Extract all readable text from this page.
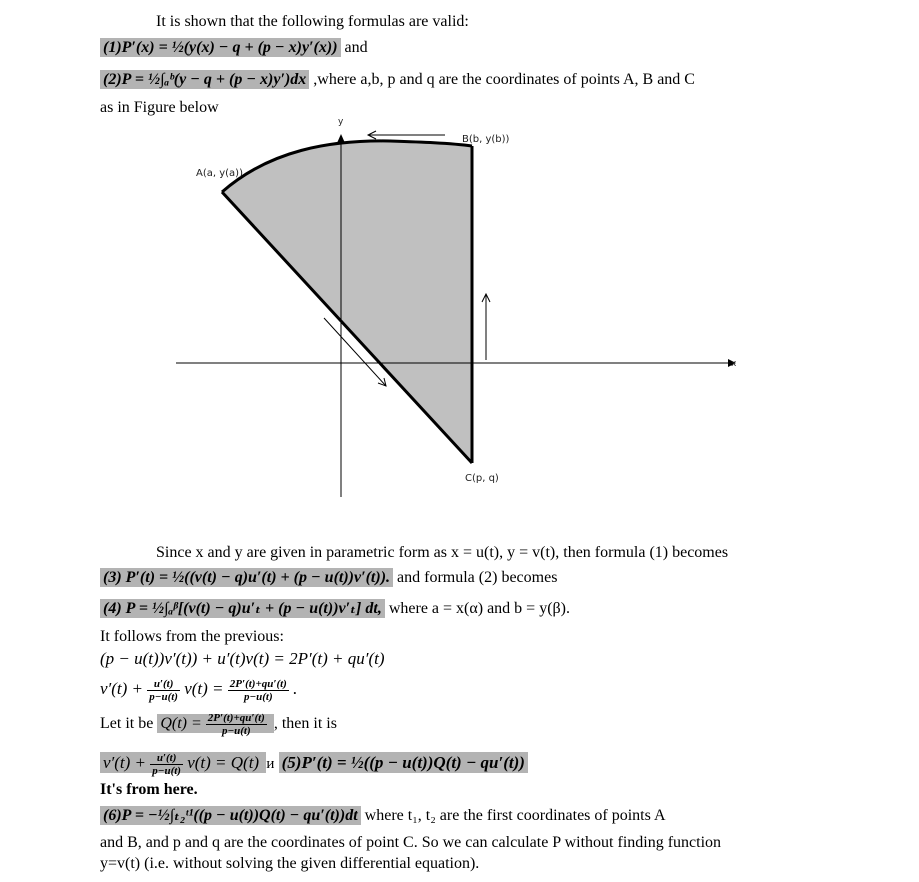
It is shown that the following formulas are valid:
(1)P′(x) = ½(y(x) − q + (p − x)y′(x)) and
(2)P = ½∫ₐᵇ(y − q + (p − x)y′)dx ,where a,b, p and q are the coordinates of points A, B and C
as in Figure below
A(a, y(a))
B(b, y(b))
C(p, q)
y
x
Since x and y are given in parametric form as x = u(t), y = v(t), then formula (1) becomes
(3) P′(t) = ½((v(t) − q)u′(t) + (p − u(t))v′(t)). and formula (2) becomes
(4) P = ½∫ₐᵝ[(v(t) − q)u′ₜ + (p − u(t))v′ₜ] dt, where a = x(α) and b = y(β).
It follows from the previous:
(p − u(t))v′(t)) + u′(t)v(t) = 2P′(t) + qu′(t)
$v'(t) + \frac{u'(t)}{p-u(t)} v(t) = \frac{2P'(t)+qu'(t)}{p-u(t)}$ .
Let it be $Q(t) = \frac{2P'(t)+qu'(t)}{p-u(t)}$ , then it is
$v'(t) + \frac{u'(t)}{p-u(t)} v(t) = Q(t)$ и (5)P′(t) = ½((p − u(t))Q(t) − qu′(t))
It's from here.
(6)P = −½∫ₜ₂ᵗ¹((p − u(t))Q(t) − qu′(t))dt where t₁, t₂ are the first coordinates of points A
and B, and p and q are the coordinates of point C. So we can calculate P without finding function
y=v(t) (i.e. without solving the given differential equation).
